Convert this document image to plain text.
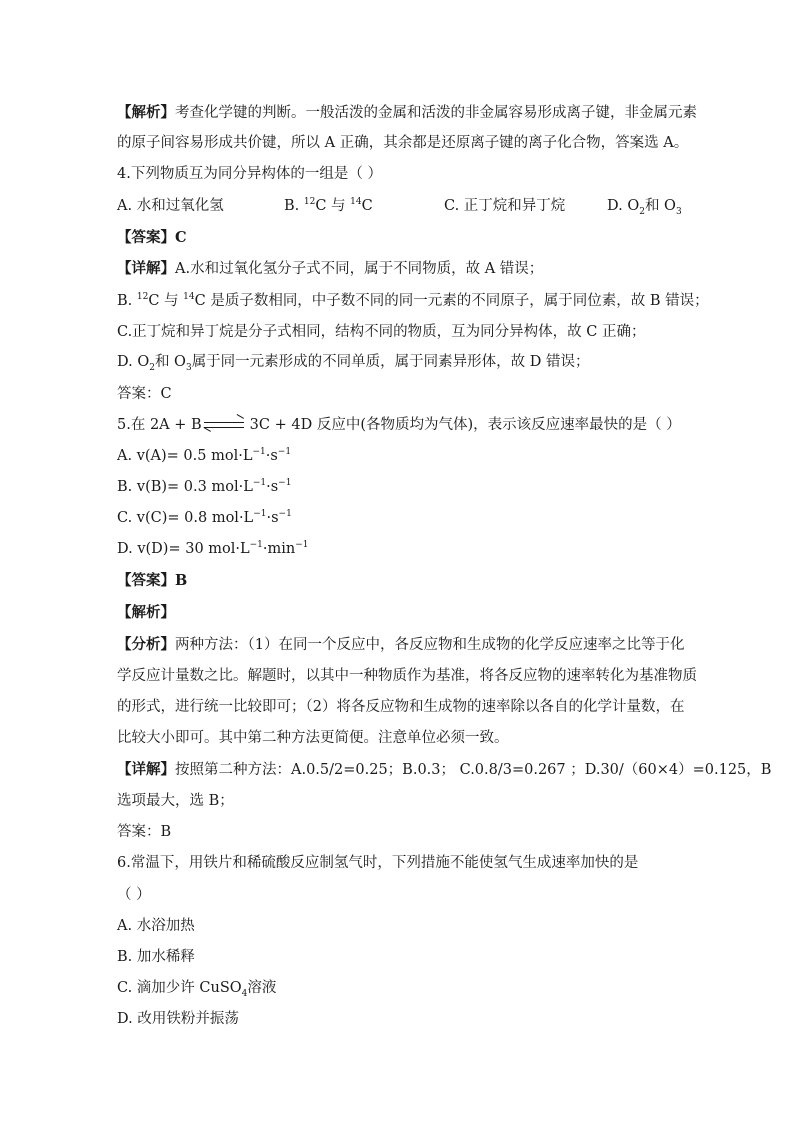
【解析】考查化学键的判断。一般活泼的金属和活泼的非金属容易形成离子键，非金属元素
的原子间容易形成共价键，所以 A 正确，其余都是还原离子键的离子化合物，答案选 A。
4.下列物质互为同分异构体的一组是（ ）
A. 水和过氧化氢	B. $^{12}$C 与 $^{14}$C	C. 正丁烷和异丁烷	D. $O_2$和 $O_3$
【答案】C
【详解】A.水和过氧化氢分子式不同，属于不同物质，故 A 错误；
B. $^{12}$C 与 $^{14}$C 是质子数相同，中子数不同的同一元素的不同原子，属于同位素，故 B 错误；
C.正丁烷和异丁烷是分子式相同，结构不同的物质，互为同分异构体，故 C 正确；
D. $O_2$和 $O_3$属于同一元素形成的不同单质，属于同素异形体，故 D 错误；
答案：C
5.在 2A + B	3C + 4D 反应中(各物质均为气体)，表示该反应速率最快的是（ ）
A. v(A)= 0.5 $mol\cdot L^{-1}\cdot s^{-1}$
B. v(B)= 0.3 $mol\cdot L^{-1}\cdot s^{-1}$
C. v(C)= 0.8 $mol\cdot L^{-1}\cdot s^{-1}$
D. v(D)= 30 $mol\cdot L^{-1}\cdot\min^{-1}$
【答案】B
【解析】
【分析】两种方法：（1）在同一个反应中，各反应物和生成物的化学反应速率之比等于化
学反应计量数之比。解题时，以其中一种物质作为基准，将各反应物的速率转化为基准物质
的形式，进行统一比较即可；（2）将各反应物和生成物的速率除以各自的化学计量数，在
比较大小即可。其中第二种方法更简便。注意单位必须一致。
【详解】按照第二种方法：A.0.5/2=0.25；B.0.3； C.0.8/3=0.267 ；D.30/（60×4）=0.125，B
选项最大，选 B；
答案：B
6.常温下，用铁片和稀硫酸反应制氢气时，下列措施不能使氢气生成速率加快的是
（ ）
A. 水浴加热
B. 加水稀释
C. 滴加少许 CuSO$_4$溶液
D. 改用铁粉并振荡
